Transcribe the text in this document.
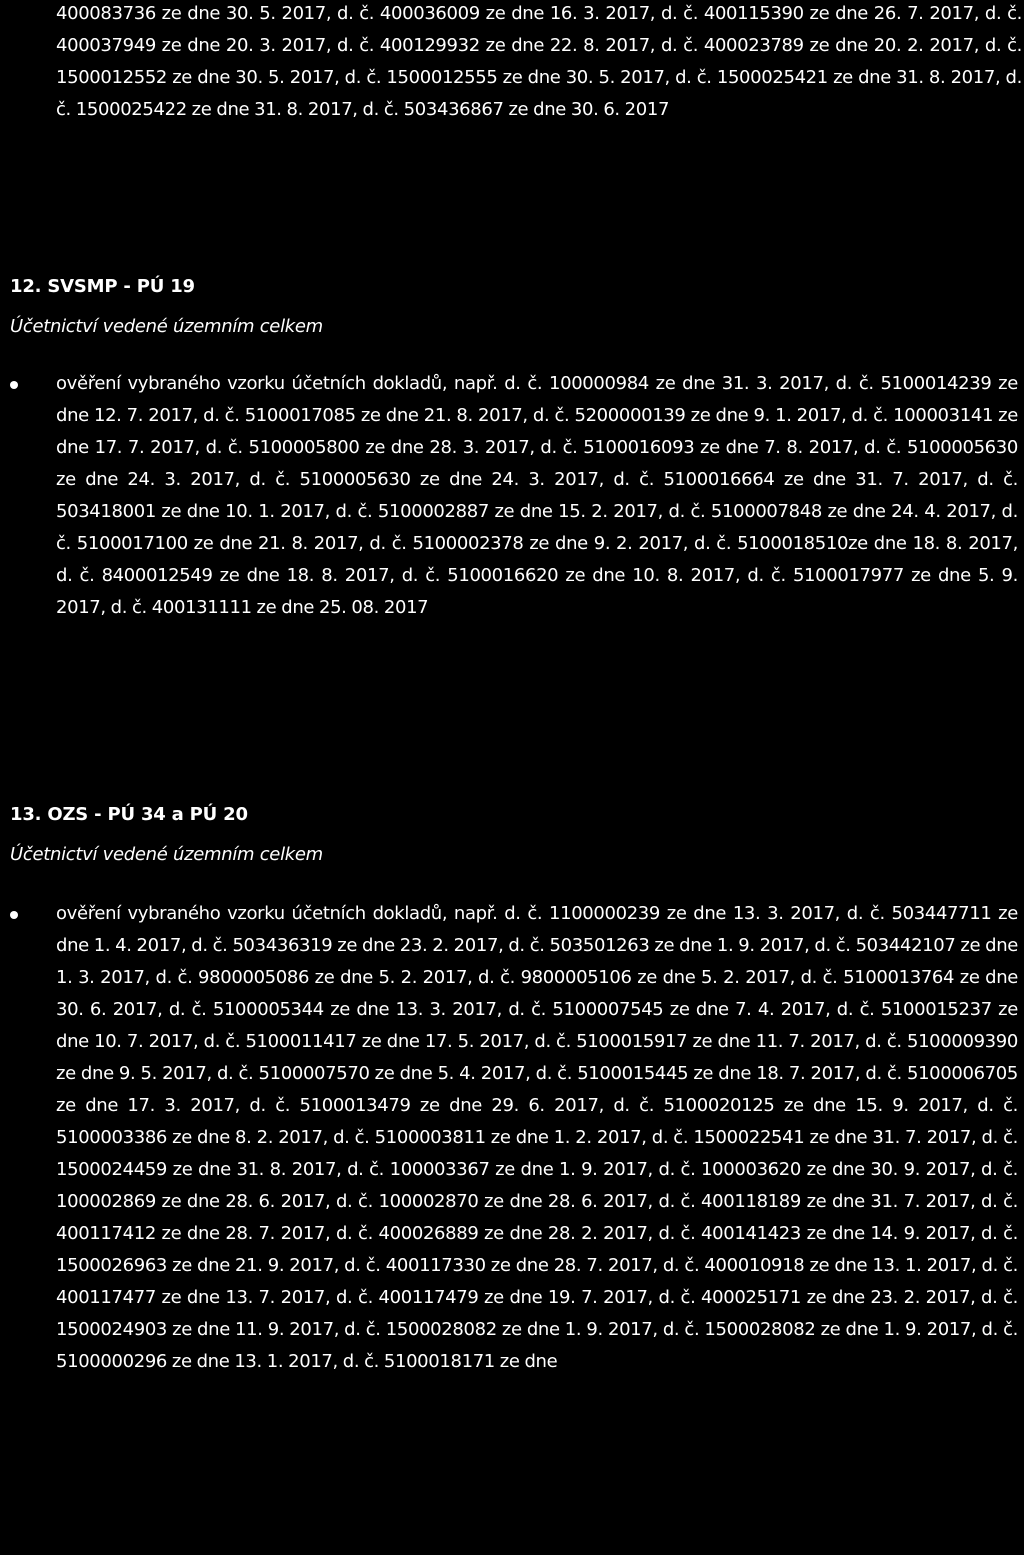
400083736 ze dne 30. 5. 2017, d. č. 400036009 ze dne 16. 3. 2017, d. č. 400115390 ze dne 26. 7. 2017, d. č. 400037949 ze dne 20. 3. 2017, d. č. 400129932 ze dne 22. 8. 2017, d. č. 400023789 ze dne 20. 2. 2017, d. č. 1500012552 ze dne 30. 5. 2017, d. č. 1500012555 ze dne 30. 5. 2017, d. č. 1500025421 ze dne 31. 8. 2017, d. č. 1500025422 ze dne 31. 8. 2017, d. č. 503436867 ze dne 30. 6. 2017
12. SVSMP - PÚ 19
Účetnictví vedené územním celkem
ověření vybraného vzorku účetních dokladů, např. d. č. 100000984 ze dne 31. 3. 2017, d. č. 5100014239 ze dne 12. 7. 2017, d. č. 5100017085 ze dne 21. 8. 2017, d. č. 5200000139 ze dne 9. 1. 2017, d. č. 100003141 ze dne 17. 7. 2017, d. č. 5100005800 ze dne 28. 3. 2017, d. č. 5100016093 ze dne 7. 8. 2017, d. č. 5100005630 ze dne 24. 3. 2017, d. č. 5100005630 ze dne 24. 3. 2017, d. č. 5100016664 ze dne 31. 7. 2017, d. č. 503418001 ze dne 10. 1. 2017, d. č. 5100002887 ze dne 15. 2. 2017, d. č. 5100007848 ze dne 24. 4. 2017, d. č. 5100017100 ze dne 21. 8. 2017, d. č. 5100002378 ze dne 9. 2. 2017, d. č. 5100018510ze dne 18. 8. 2017, d. č. 8400012549 ze dne 18. 8. 2017, d. č. 5100016620 ze dne 10. 8. 2017, d. č. 5100017977 ze dne 5. 9. 2017, d. č. 400131111 ze dne 25. 08. 2017
13. OZS - PÚ 34 a PÚ 20
Účetnictví vedené územním celkem
ověření vybraného vzorku účetních dokladů, např. d. č. 1100000239 ze dne 13. 3. 2017, d. č. 503447711 ze dne 1. 4. 2017, d. č. 503436319 ze dne 23. 2. 2017, d. č. 503501263 ze dne 1. 9. 2017, d. č. 503442107 ze dne 1. 3. 2017, d. č. 9800005086 ze dne 5. 2. 2017, d. č. 9800005106 ze dne 5. 2. 2017, d. č. 5100013764 ze dne 30. 6. 2017, d. č. 5100005344 ze dne 13. 3. 2017, d. č. 5100007545 ze dne 7. 4. 2017, d. č. 5100015237 ze dne 10. 7. 2017, d. č. 5100011417 ze dne 17. 5. 2017, d. č. 5100015917 ze dne 11. 7. 2017, d. č. 5100009390 ze dne 9. 5. 2017, d. č. 5100007570 ze dne 5. 4. 2017, d. č. 5100015445 ze dne 18. 7. 2017, d. č. 5100006705 ze dne 17. 3. 2017, d. č. 5100013479 ze dne 29. 6. 2017, d. č. 5100020125 ze dne 15. 9. 2017, d. č. 5100003386 ze dne 8. 2. 2017, d. č. 5100003811 ze dne 1. 2. 2017, d. č. 1500022541 ze dne 31. 7. 2017, d. č. 1500024459 ze dne 31. 8. 2017, d. č. 100003367 ze dne 1. 9. 2017, d. č. 100003620 ze dne 30. 9. 2017, d. č. 100002869 ze dne 28. 6. 2017, d. č. 100002870 ze dne 28. 6. 2017, d. č. 400118189 ze dne 31. 7. 2017, d. č. 400117412 ze dne 28. 7. 2017, d. č. 400026889 ze dne 28. 2. 2017, d. č. 400141423 ze dne 14. 9. 2017, d. č. 1500026963 ze dne 21. 9. 2017, d. č. 400117330 ze dne 28. 7. 2017, d. č. 400010918 ze dne 13. 1. 2017, d. č. 400117477 ze dne 13. 7. 2017, d. č. 400117479 ze dne 19. 7. 2017, d. č. 400025171 ze dne 23. 2. 2017, d. č. 1500024903 ze dne 11. 9. 2017, d. č. 1500028082 ze dne 1. 9. 2017, d. č. 1500028082 ze dne 1. 9. 2017, d. č. 5100000296 ze dne 13. 1. 2017, d. č. 5100018171 ze dne
